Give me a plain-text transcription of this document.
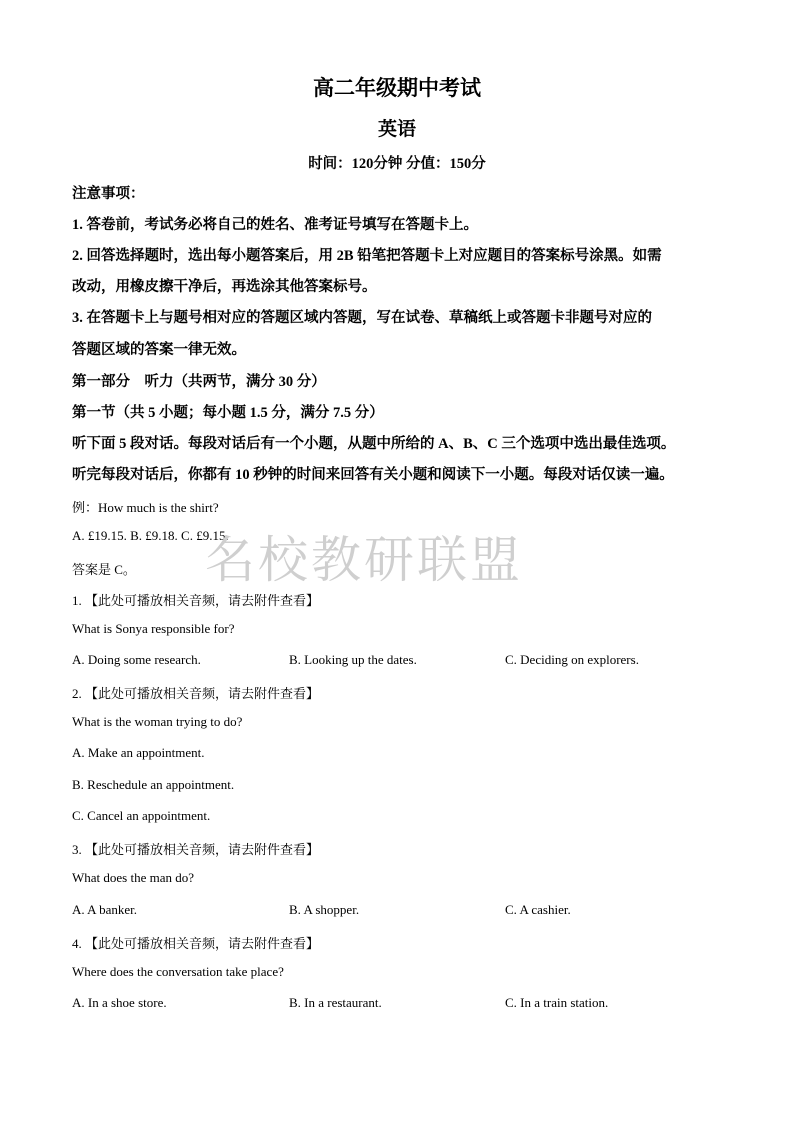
高二年级期中考试
英语
时间：120分钟 分值：150分
注意事项：
1. 答卷前，考试务必将自己的姓名、准考证号填写在答题卡上。
2. 回答选择题时，选出每小题答案后，用 2B 铅笔把答题卡上对应题目的答案标号涂黑。如需
改动，用橡皮擦干净后，再选涂其他答案标号。
3. 在答题卡上与题号相对应的答题区域内答题，写在试卷、草稿纸上或答题卡非题号对应的
答题区域的答案一律无效。
第一部分    听力（共两节，满分 30 分）
第一节（共 5 小题；每小题 1.5 分，满分 7.5 分）
听下面 5 段对话。每段对话后有一个小题，从题中所给的 A、B、C 三个选项中选出最佳选项。
听完每段对话后，你都有 10 秒钟的时间来回答有关小题和阅读下一小题。每段对话仅读一遍。
例：How much is the shirt?
A. £19.15. B. £9.18. C. £9.15.
答案是 C。 名校教研联盟
1. 【此处可播放相关音频，请去附件查看】
What is Sonya responsible for?
A. Doing some research.	B. Looking up the dates.	C. Deciding on explorers.
2. 【此处可播放相关音频，请去附件查看】
What is the woman trying to do?
A. Make an appointment.
B. Reschedule an appointment.
C. Cancel an appointment.
3. 【此处可播放相关音频，请去附件查看】
What does the man do?
A. A banker.	B. A shopper.	C. A cashier.
4. 【此处可播放相关音频，请去附件查看】
Where does the conversation take place?
A. In a shoe store.	B. In a restaurant.	C. In a train station.
